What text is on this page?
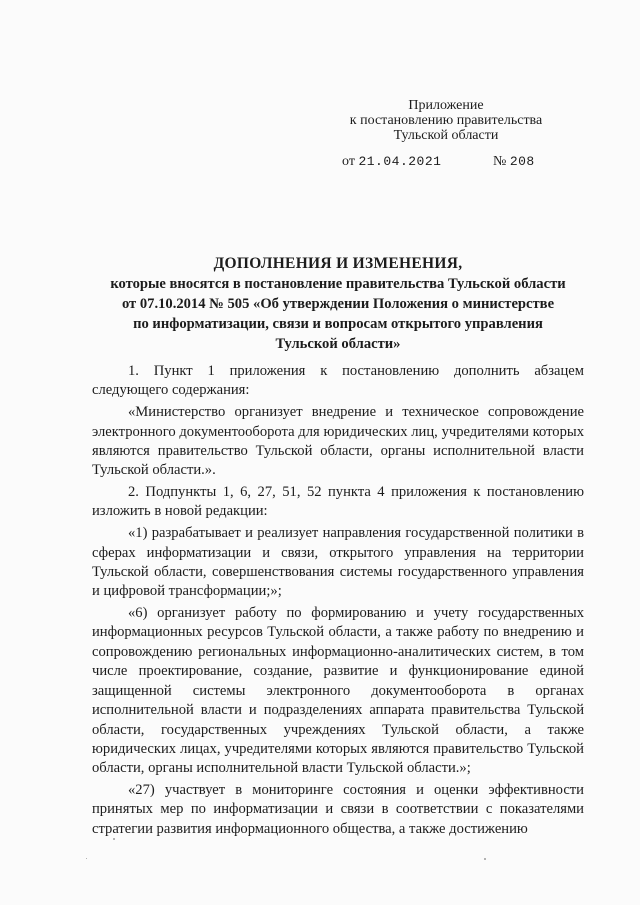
Приложение
к постановлению правительства
Тульской области
от 21.04.2021	№ 208
ДОПОЛНЕНИЯ И ИЗМЕНЕНИЯ,
которые вносятся в постановление правительства Тульской области
от 07.10.2014 № 505 «Об утверждении Положения о министерстве
по информатизации, связи и вопросам открытого управления
Тульской области»

1. Пункт 1 приложения к постановлению дополнить абзацем следующего содержания:

«Министерство организует внедрение и техническое сопровождение электронного документооборота для юридических лиц, учредителями которых являются правительство Тульской области, органы исполнительной власти Тульской области.».

2. Подпункты 1, 6, 27, 51, 52 пункта 4 приложения к постановлению изложить в новой редакции:

«1) разрабатывает и реализует направления государственной политики в сферах информатизации и связи, открытого управления на территории Тульской области, совершенствования системы государственного управления и цифровой трансформации;»;

«6) организует работу по формированию и учету государственных информационных ресурсов Тульской области, а также работу по внедрению и сопровождению региональных информационно-аналитических систем, в том числе проектирование, создание, развитие и функционирование единой защищенной системы электронного документооборота в органах исполнительной власти и подразделениях аппарата правительства Тульской области, государственных учреждениях Тульской области, а также юридических лицах, учредителями которых являются правительство Тульской области, органы исполнительной власти Тульской области.»;

«27) участвует в мониторинге состояния и оценки эффективности принятых мер по информатизации и связи в соответствии с показателями стратегии развития информационного общества, а также достижению
